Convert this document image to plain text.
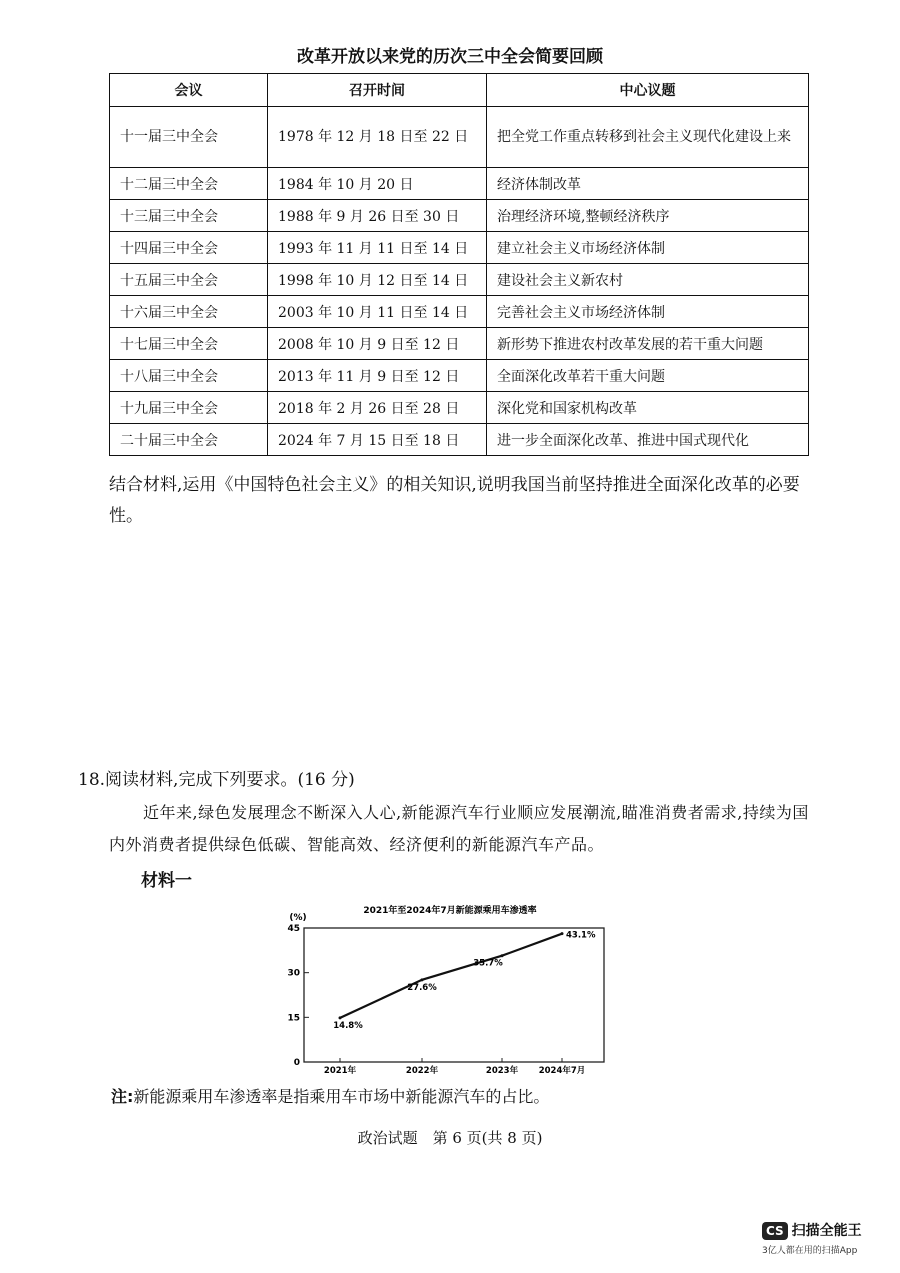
改革开放以来党的历次三中全会简要回顾
会议	召开时间	中心议题
十一届三中全会	1978 年 12 月 18 日至 22 日	把全党工作重点转移到社会主义现代化建设上来
十二届三中全会	1984 年 10 月 20 日	经济体制改革
十三届三中全会	1988 年 9 月 26 日至 30 日	治理经济环境,整顿经济秩序
十四届三中全会	1993 年 11 月 11 日至 14 日	建立社会主义市场经济体制
十五届三中全会	1998 年 10 月 12 日至 14 日	建设社会主义新农村
十六届三中全会	2003 年 10 月 11 日至 14 日	完善社会主义市场经济体制
十七届三中全会	2008 年 10 月 9 日至 12 日	新形势下推进农村改革发展的若干重大问题
十八届三中全会	2013 年 11 月 9 日至 12 日	全面深化改革若干重大问题
十九届三中全会	2018 年 2 月 26 日至 28 日	深化党和国家机构改革
二十届三中全会	2024 年 7 月 15 日至 18 日	进一步全面深化改革、推进中国式现代化
结合材料,运用《中国特色社会主义》的相关知识,说明我国当前坚持推进全面深化改革的必要性。
18.阅读材料,完成下列要求。(16 分)
近年来,绿色发展理念不断深入人心,新能源汽车行业顺应发展潮流,瞄准消费者需求,持续为国内外消费者提供绿色低碳、智能高效、经济便利的新能源汽车产品。
材料一
2021年至2024年7月新能源乘用车渗透率
(%)
0
15
30
45
2021年	2022年	2023年 2024年7月
14.8%
27.6%
35.7%
43.1%
注:新能源乘用车渗透率是指乘用车市场中新能源汽车的占比。
政治试题　第 6 页(共 8 页)
CS 扫描全能王
3亿人都在用的扫描App
